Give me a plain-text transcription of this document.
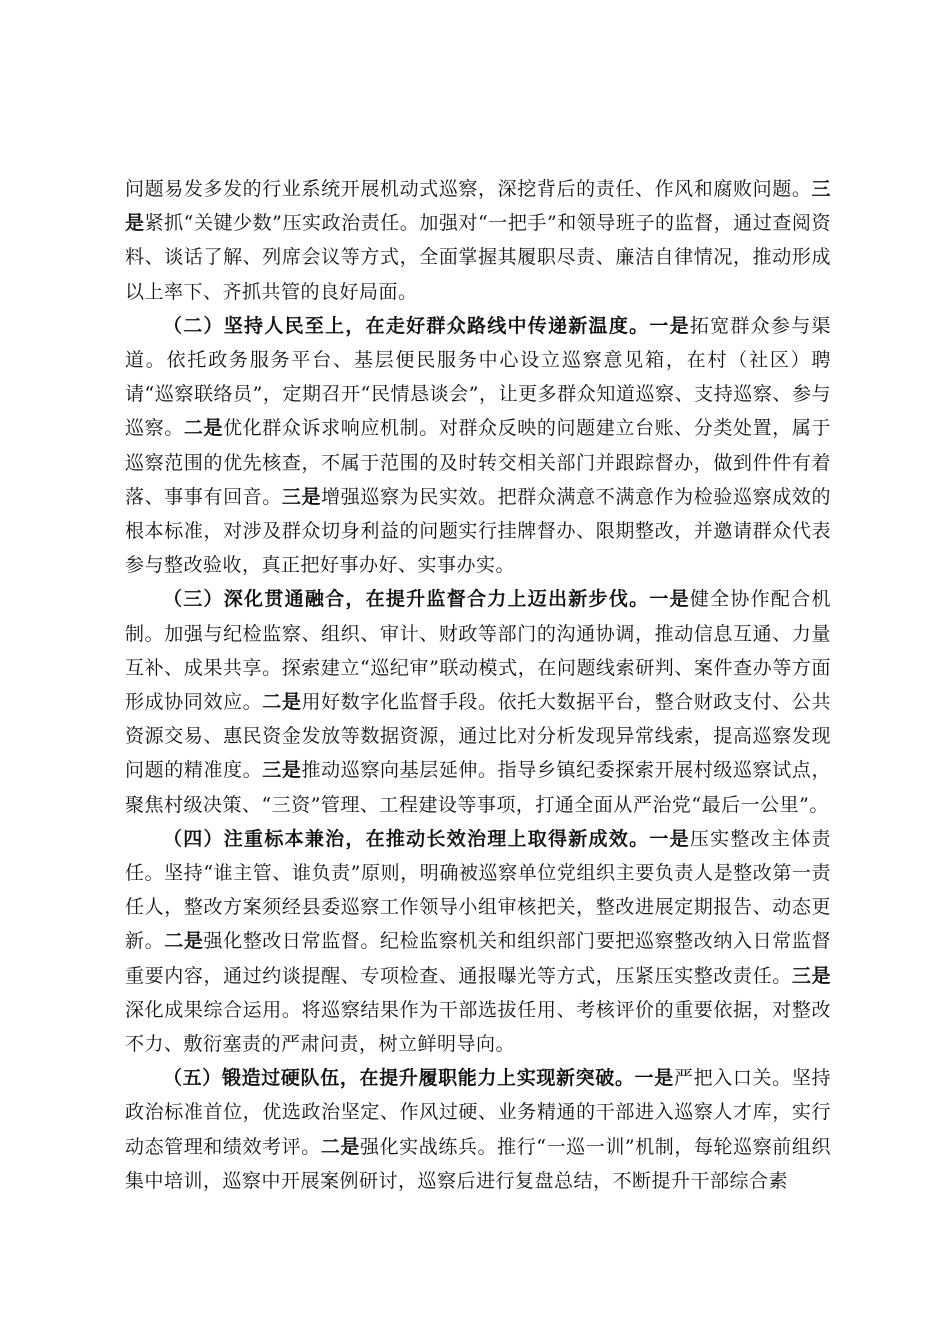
问题易发多发的行业系统开展机动式巡察，深挖背后的责任、作风和腐败问题。三是紧抓“关键少数”压实政治责任。加强对“一把手”和领导班子的监督，通过查阅资料、谈话了解、列席会议等方式，全面掌握其履职尽责、廉洁自律情况，推动形成以上率下、齐抓共管的良好局面。

（二）坚持人民至上，在走好群众路线中传递新温度。一是拓宽群众参与渠道。依托政务服务平台、基层便民服务中心设立巡察意见箱，在村（社区）聘请“巡察联络员”，定期召开“民情恳谈会”，让更多群众知道巡察、支持巡察、参与巡察。二是优化群众诉求响应机制。对群众反映的问题建立台账、分类处置，属于巡察范围的优先核查，不属于范围的及时转交相关部门并跟踪督办，做到件件有着落、事事有回音。三是增强巡察为民实效。把群众满意不满意作为检验巡察成效的根本标准，对涉及群众切身利益的问题实行挂牌督办、限期整改，并邀请群众代表参与整改验收，真正把好事办好、实事办实。

（三）深化贯通融合，在提升监督合力上迈出新步伐。一是健全协作配合机制。加强与纪检监察、组织、审计、财政等部门的沟通协调，推动信息互通、力量互补、成果共享。探索建立“巡纪审”联动模式，在问题线索研判、案件查办等方面形成协同效应。二是用好数字化监督手段。依托大数据平台，整合财政支付、公共资源交易、惠民资金发放等数据资源，通过比对分析发现异常线索，提高巡察发现问题的精准度。三是推动巡察向基层延伸。指导乡镇纪委探索开展村级巡察试点，聚焦村级决策、“三资”管理、工程建设等事项，打通全面从严治党“最后一公里”。

（四）注重标本兼治，在推动长效治理上取得新成效。一是压实整改主体责任。坚持“谁主管、谁负责”原则，明确被巡察单位党组织主要负责人是整改第一责任人，整改方案须经县委巡察工作领导小组审核把关，整改进展定期报告、动态更新。二是强化整改日常监督。纪检监察机关和组织部门要把巡察整改纳入日常监督重要内容，通过约谈提醒、专项检查、通报曝光等方式，压紧压实整改责任。三是深化成果综合运用。将巡察结果作为干部选拔任用、考核评价的重要依据，对整改不力、敷衍塞责的严肃问责，树立鲜明导向。

（五）锻造过硬队伍，在提升履职能力上实现新突破。一是严把入口关。坚持政治标准首位，优选政治坚定、作风过硬、业务精通的干部进入巡察人才库，实行动态管理和绩效考评。二是强化实战练兵。推行“一巡一训”机制，每轮巡察前组织集中培训，巡察中开展案例研讨，巡察后进行复盘总结，不断提升干部综合素
